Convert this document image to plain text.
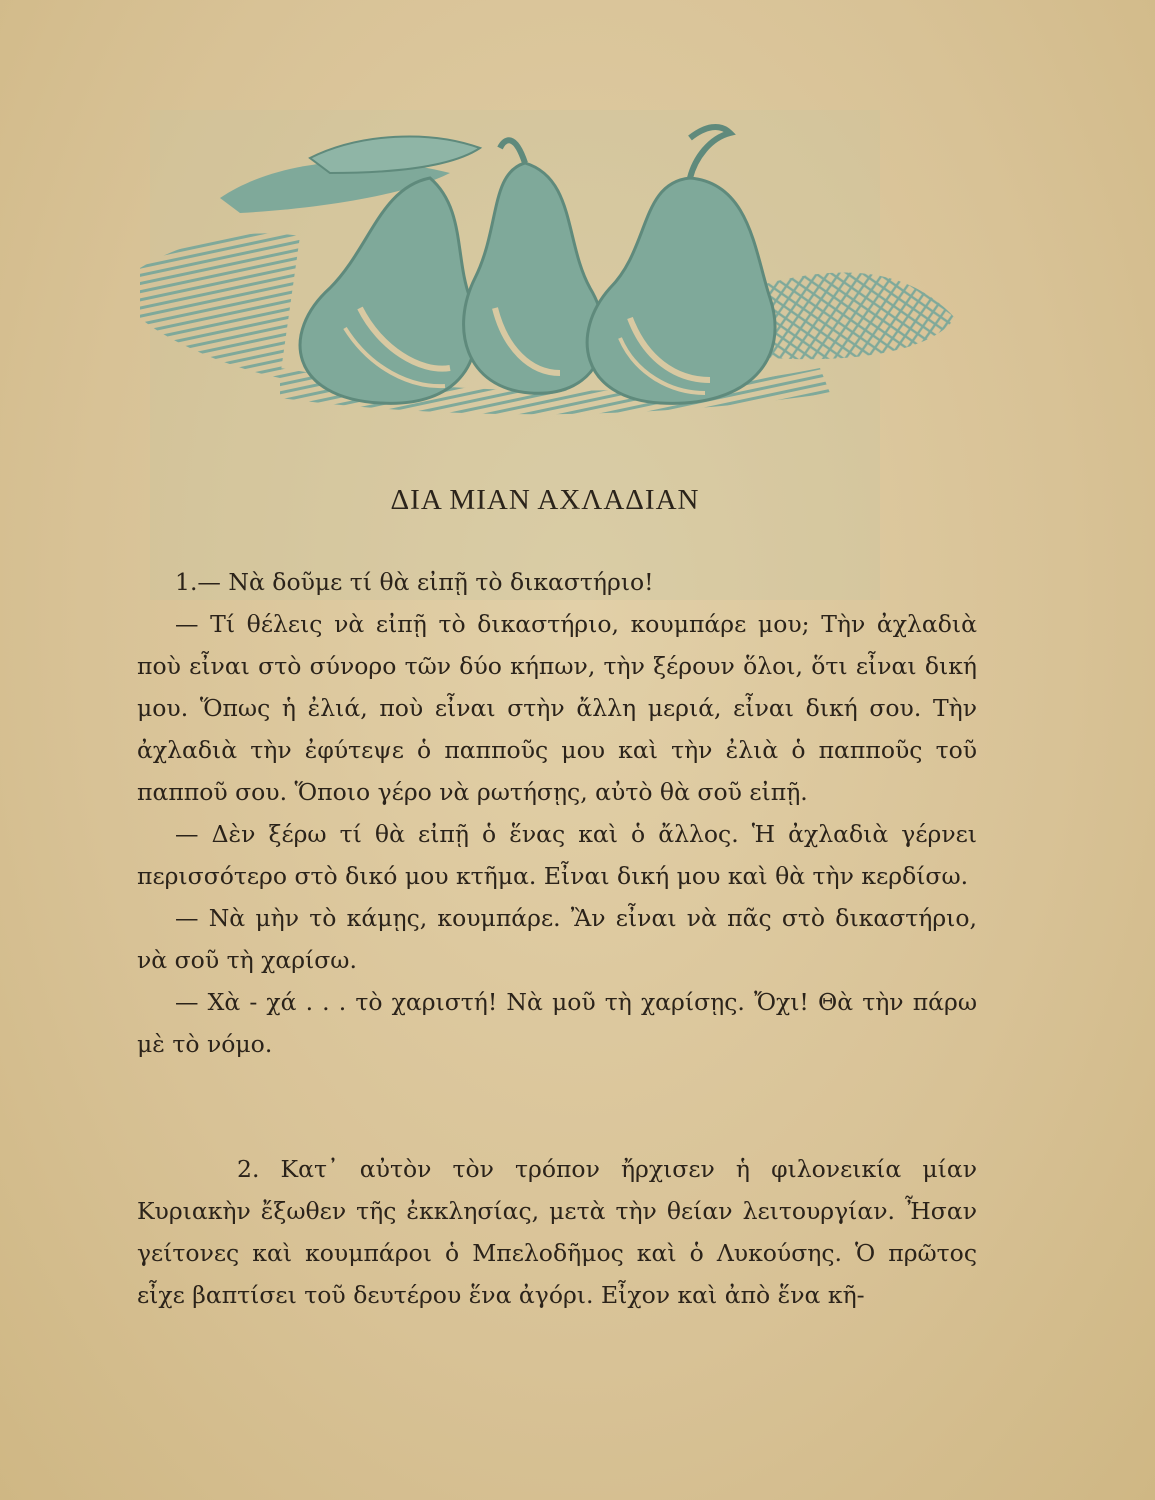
ΔΙΑ ΜΙΑΝ ΑΧΛΑΔΙΑΝ

1.— Νὰ δοῦμε τί θὰ εἰπῇ τὸ δικαστήριο!

— Τί θέλεις νὰ εἰπῇ τὸ δικαστήριο, κουμπάρε μου; Τὴν ἀχλαδιὰ ποὺ εἶναι στὸ σύνορο τῶν δύο κήπων, τὴν ξέρουν ὅλοι, ὅτι εἶναι δική μου. Ὅπως ἡ ἐλιά, ποὺ εἶναι στὴν ἄλλη μεριά, εἶναι δική σου. Τὴν ἀχλαδιὰ τὴν ἐφύτεψε ὁ παπποῦς μου καὶ τὴν ἐλιὰ ὁ παπποῦς τοῦ παπποῦ σου. Ὅποιο γέρο νὰ ρωτήσῃς, αὐτὸ θὰ σοῦ εἰπῇ.

— Δὲν ξέρω τί θὰ εἰπῇ ὁ ἕνας καὶ ὁ ἄλλος. Ἡ ἀχλαδιὰ γέρνει περισσότερο στὸ δικό μου κτῆμα. Εἶναι δική μου καὶ θὰ τὴν κερδίσω.

— Νὰ μὴν τὸ κάμῃς, κουμπάρε. Ἂν εἶναι νὰ πᾶς στὸ δικαστήριο, νὰ σοῦ τὴ χαρίσω.

— Χὰ - χά . . . τὸ χαριστή! Νὰ μοῦ τὴ χαρίσῃς. Ὄχι! Θὰ τὴν πάρω μὲ τὸ νόμο.

2. Κατ᾽ αὐτὸν τὸν τρόπον ἤρχισεν ἡ φιλονεικία μίαν Κυριακὴν ἔξωθεν τῆς ἐκκλησίας, μετὰ τὴν θείαν λειτουργίαν. Ἦσαν γείτονες καὶ κουμπάροι ὁ Μπελοδῆμος καὶ ὁ Λυκούσης. Ὁ πρῶτος εἶχε βαπτίσει τοῦ δευτέρου ἕνα ἀγόρι. Εἶχον καὶ ἀπὸ ἕνα κῆ-
